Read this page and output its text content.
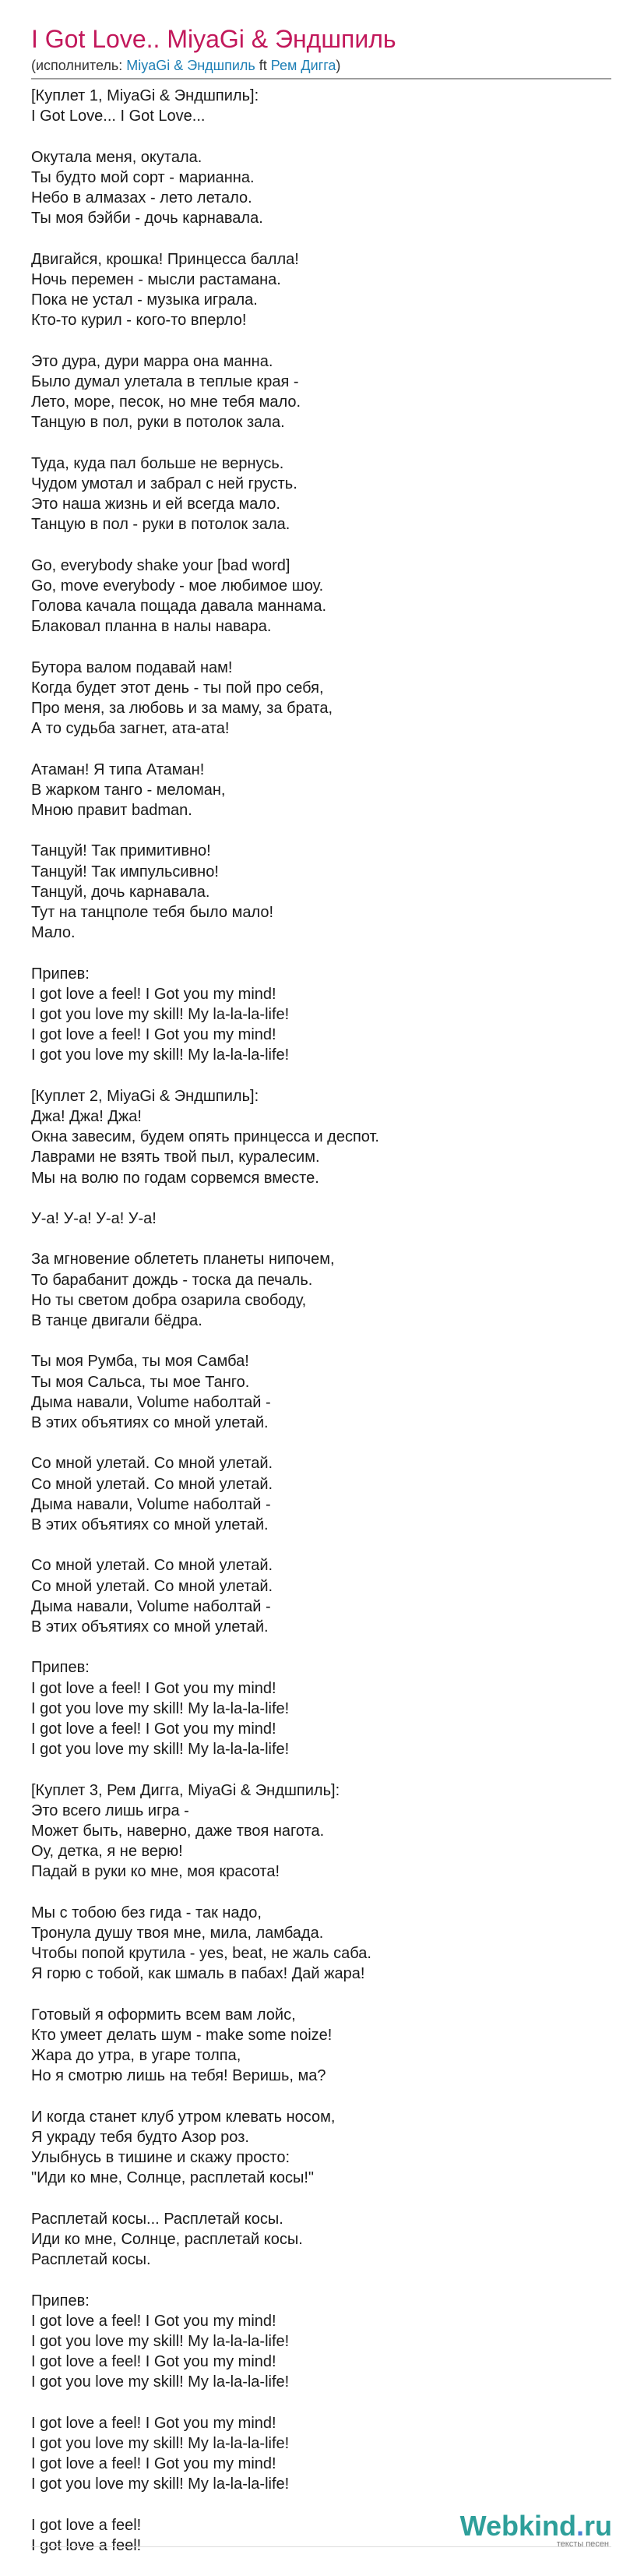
I Got Love.. MiyaGi & Эндшпиль
(исполнитель: MiyaGi & Эндшпиль ft Рем Дигга)

[Куплет 1, MiyaGi & Эндшпиль]:
I Got Love... I Got Love...

Окутала меня, окутала.
Ты будто мой сорт - марианна.
Небо в алмазах - лето летало.
Ты моя бэйби - дочь карнавала.

Двигайся, крошка! Принцесса балла!
Ночь перемен - мысли растамана.
Пока не устал - музыка играла.
Кто-то курил - кого-то вперло!

Это дура, дури марра она манна.
Было думал улетала в теплые края -
Лето, море, песок, но мне тебя мало.
Танцую в пол, руки в потолок зала.

Туда, куда пал больше не вернусь.
Чудом умотал и забрал с ней грусть.
Это наша жизнь и ей всегда мало.
Танцую в пол - руки в потолок зала.

Go, everybody shake your [bad word]
Go, move everybody - мое любимое шоу.
Голова качала пощада давала маннама.
Блаковал планна в налы навара.

Бутора валом подавай нам!
Когда будет этот день - ты пой про себя,
Про меня, за любовь и за маму, за брата,
А то судьба загнет, ата-ата!

Атаман! Я типа Атаман!
В жарком танго - меломан,
Мною правит badman.

Танцуй! Так примитивно!
Танцуй! Так импульсивно!
Танцуй, дочь карнавала.
Тут на танцполе тебя было мало!
Мало.

Припев:
I got love a feel! I Got you my mind!
I got you love my skill! My la-la-la-life!
I got love a feel! I Got you my mind!
I got you love my skill! My la-la-la-life!

[Куплет 2, MiyaGi & Эндшпиль]:
Джа! Джа! Джа!
Окна завесим, будем опять принцесса и деспот.
Лаврами не взять твой пыл, куралесим.
Мы на волю по годам сорвемся вместе.

У-а! У-а! У-а! У-а!

За мгновение облететь планеты нипочем,
То барабанит дождь - тоска да печаль.
Но ты светом добра озарила свободу,
В танце двигали бёдра.

Ты моя Румба, ты моя Самба!
Ты моя Сальса, ты мое Танго.
Дыма навали, Volume наболтай -
В этих объятиях со мной улетай.

Со мной улетай. Со мной улетай.
Со мной улетай. Со мной улетай.
Дыма навали, Volume наболтай -
В этих объятиях со мной улетай.

Со мной улетай. Со мной улетай.
Со мной улетай. Со мной улетай.
Дыма навали, Volume наболтай -
В этих объятиях со мной улетай.

Припев:
I got love a feel! I Got you my mind!
I got you love my skill! My la-la-la-life!
I got love a feel! I Got you my mind!
I got you love my skill! My la-la-la-life!

[Куплет 3, Рем Дигга, MiyaGi & Эндшпиль]:
Это всего лишь игра -
Может быть, наверно, даже твоя нагота.
Оу, детка, я не верю!
Падай в руки ко мне, моя красота!

Мы с тобою без гида - так надо,
Тронула душу твоя мне, мила, ламбада.
Чтобы попой крутила - yes, beat, не жаль саба.
Я горю с тобой, как шмаль в пабах! Дай жара!

Готовый я оформить всем вам лойс,
Кто умеет делать шум - make some noize!
Жара до утра, в угаре толпа,
Но я смотрю лишь на тебя! Веришь, ма?

И когда станет клуб утром клевать носом,
Я украду тебя будто Азор роз.
Улыбнусь в тишине и скажу просто:
"Иди ко мне, Солнце, расплетай косы!"

Расплетай косы... Расплетай косы.
Иди ко мне, Солнце, расплетай косы.
Расплетай косы.

Припев:
I got love a feel! I Got you my mind!
I got you love my skill! My la-la-la-life!
I got love a feel! I Got you my mind!
I got you love my skill! My la-la-la-life!

I got love a feel! I Got you my mind!
I got you love my skill! My la-la-la-life!
I got love a feel! I Got you my mind!
I got you love my skill! My la-la-la-life!

I got love a feel!
I got love a feel!

Webkind.ru
тексты песен
